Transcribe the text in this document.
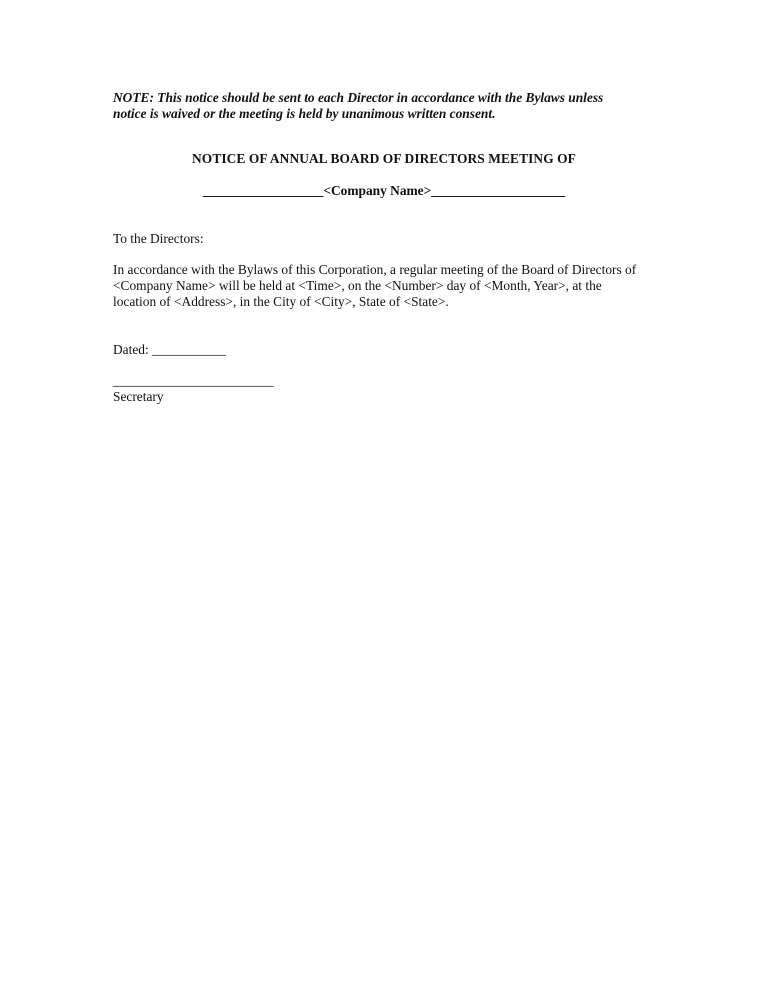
NOTE: This notice should be sent to each Director in accordance with the Bylaws unless
notice is waived or the meeting is held by unanimous written consent.
NOTICE OF ANNUAL BOARD OF DIRECTORS MEETING OF
__________________<Company Name>____________________
To the Directors:
In accordance with the Bylaws of this Corporation, a regular meeting of the Board of Directors of
<Company Name> will be held at <Time>, on the <Number> day of <Month, Year>, at the
location of <Address>, in the City of <City>, State of <State>.
Dated: ___________
________________________
Secretary
